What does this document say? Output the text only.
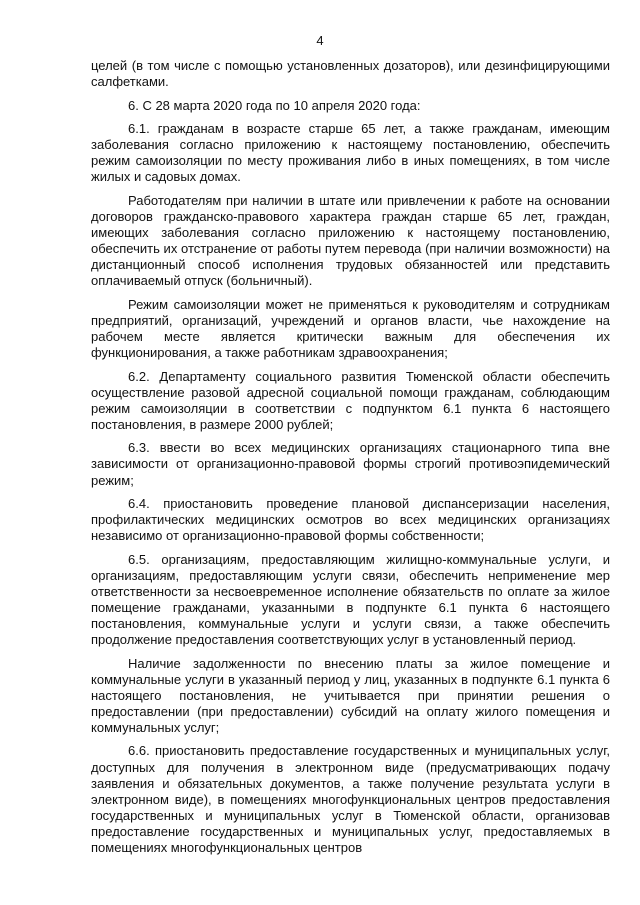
4

целей (в том числе с помощью установленных дозаторов), или дезинфицирующими салфетками.

6. С 28 марта 2020 года по 10 апреля 2020 года:

6.1. гражданам в возрасте старше 65 лет, а также гражданам, имеющим заболевания согласно приложению к настоящему постановлению, обеспечить режим самоизоляции по месту проживания либо в иных помещениях, в том числе жилых и садовых домах.

Работодателям при наличии в штате или привлечении к работе на основании договоров гражданско-правового характера граждан старше 65 лет, граждан, имеющих заболевания согласно приложению к настоящему постановлению, обеспечить их отстранение от работы путем перевода (при наличии возможности) на дистанционный способ исполнения трудовых обязанностей или представить оплачиваемый отпуск (больничный).

Режим самоизоляции может не применяться к руководителям и сотрудникам предприятий, организаций, учреждений и органов власти, чье нахождение на рабочем месте является критически важным для обеспечения их функционирования, а также работникам здравоохранения;

6.2. Департаменту социального развития Тюменской области обеспечить осуществление разовой адресной социальной помощи гражданам, соблюдающим режим самоизоляции в соответствии с подпунктом 6.1 пункта 6 настоящего постановления, в размере 2000 рублей;

6.3. ввести во всех медицинских организациях стационарного типа вне зависимости от организационно-правовой формы строгий противоэпидемический режим;

6.4. приостановить проведение плановой диспансеризации населения, профилактических медицинских осмотров во всех медицинских организациях независимо от организационно-правовой формы собственности;

6.5. организациям, предоставляющим жилищно-коммунальные услуги, и организациям, предоставляющим услуги связи, обеспечить неприменение мер ответственности за несвоевременное исполнение обязательств по оплате за жилое помещение гражданами, указанными в подпункте 6.1 пункта 6 настоящего постановления, коммунальные услуги и услуги связи, а также обеспечить продолжение предоставления соответствующих услуг в установленный период.

Наличие задолженности по внесению платы за жилое помещение и коммунальные услуги в указанный период у лиц, указанных в подпункте 6.1 пункта 6 настоящего постановления, не учитывается при принятии решения о предоставлении (при предоставлении) субсидий на оплату жилого помещения и коммунальных услуг;

6.6. приостановить предоставление государственных и муниципальных услуг, доступных для получения в электронном виде (предусматривающих подачу заявления и обязательных документов, а также получение результата услуги в электронном виде), в помещениях многофункциональных центров предоставления государственных и муниципальных услуг в Тюменской области, организовав предоставление государственных и муниципальных услуг, предоставляемых в помещениях многофункциональных центров
